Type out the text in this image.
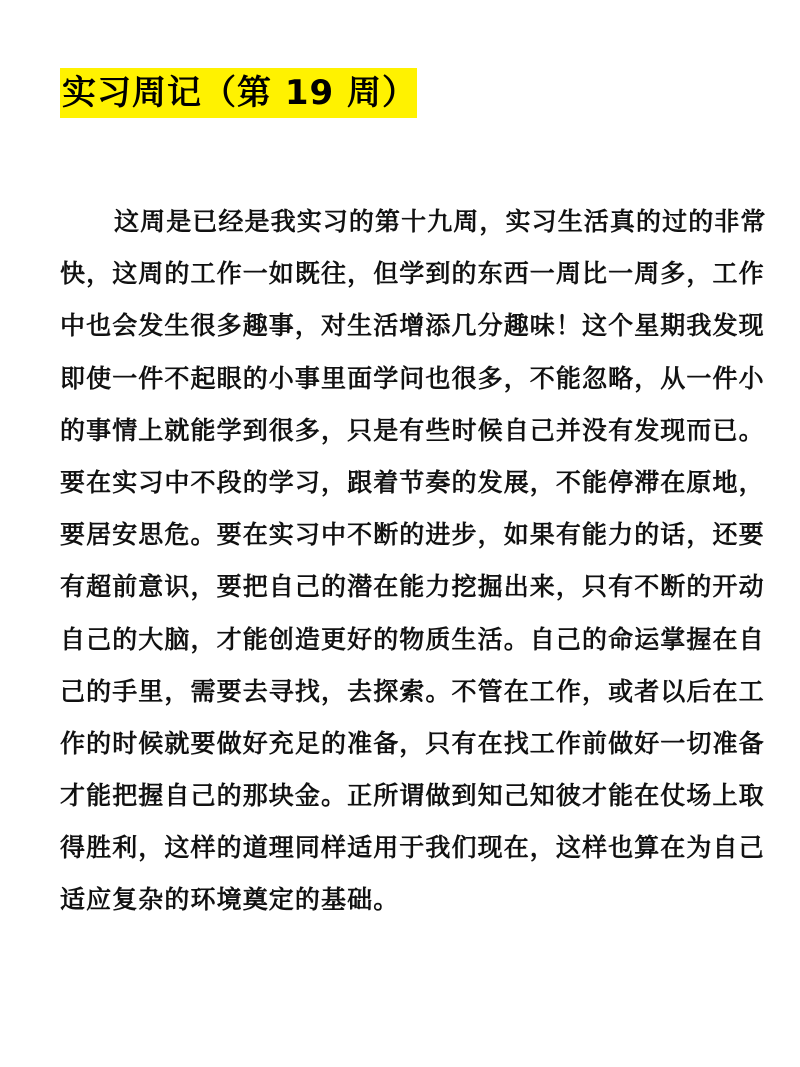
实习周记（第 19 周）
这周是已经是我实习的第十九周，实习生活真的过的非常
快，这周的工作一如既往，但学到的东西一周比一周多，工作
中也会发生很多趣事，对生活增添几分趣味！这个星期我发现
即使一件不起眼的小事里面学问也很多，不能忽略，从一件小
的事情上就能学到很多，只是有些时候自己并没有发现而已。
要在实习中不段的学习，跟着节奏的发展，不能停滞在原地，
要居安思危。要在实习中不断的进步，如果有能力的话，还要
有超前意识，要把自己的潜在能力挖掘出来，只有不断的开动
自己的大脑，才能创造更好的物质生活。自己的命运掌握在自
己的手里，需要去寻找，去探索。不管在工作，或者以后在工
作的时候就要做好充足的准备，只有在找工作前做好一切准备
才能把握自己的那块金。正所谓做到知己知彼才能在仗场上取
得胜利，这样的道理同样适用于我们现在，这样也算在为自己
适应复杂的环境奠定的基础。
